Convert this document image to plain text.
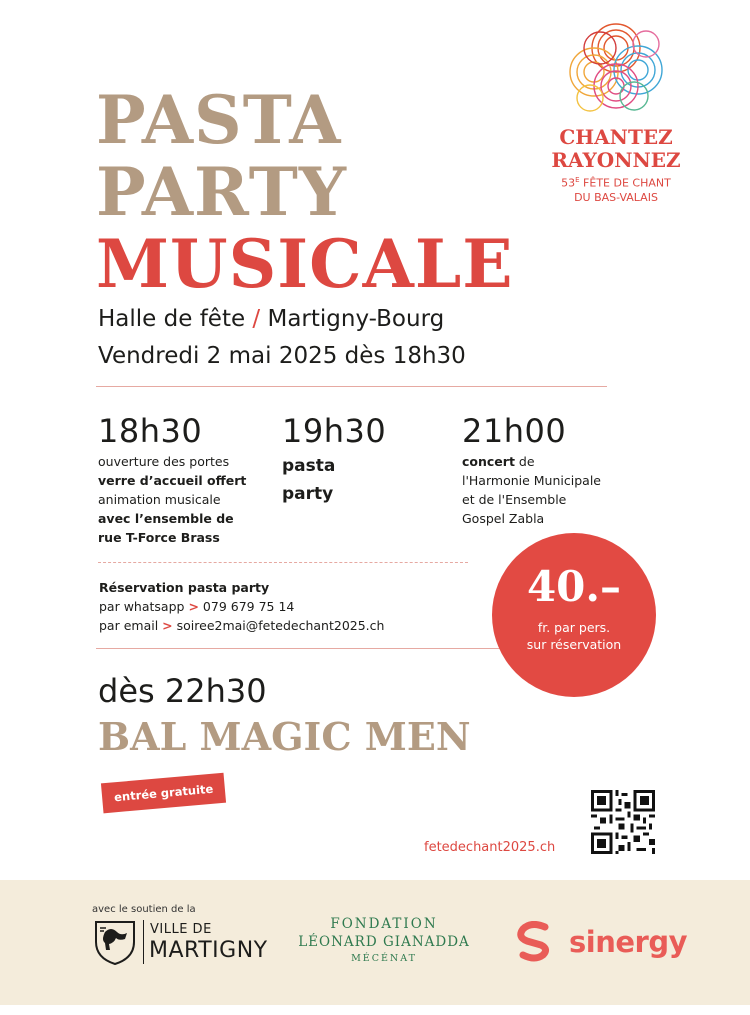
CHANTEZ
RAYONNEZ
$53^E$ FÊTE DE CHANT
DU BAS-VALAIS
PASTA
PARTY
MUSICALE
Halle de fête / Martigny-Bourg
Vendredi 2 mai 2025 dès 18h30
18h30
ouverture des portes
verre d’accueil offert
animation musicale
avec l’ensemble de
rue T-Force Brass
19h30
pasta
party
21h00
concert de
l'Harmonie Municipale
et de l'Ensemble
Gospel Zabla
Réservation pasta party
par whatsapp > 079 679 75 14
par email > soiree2mai@fetedechant2025.ch
40.–
fr. par pers.
sur réservation
dès 22h30
BAL MAGIC MEN
entrée gratuite
fetedechant2025.ch
avec le soutien de la
VILLE DE
MARTIGNY
FONDATION
LÉONARD GIANADDA
MÉCÉNAT	sinergy
